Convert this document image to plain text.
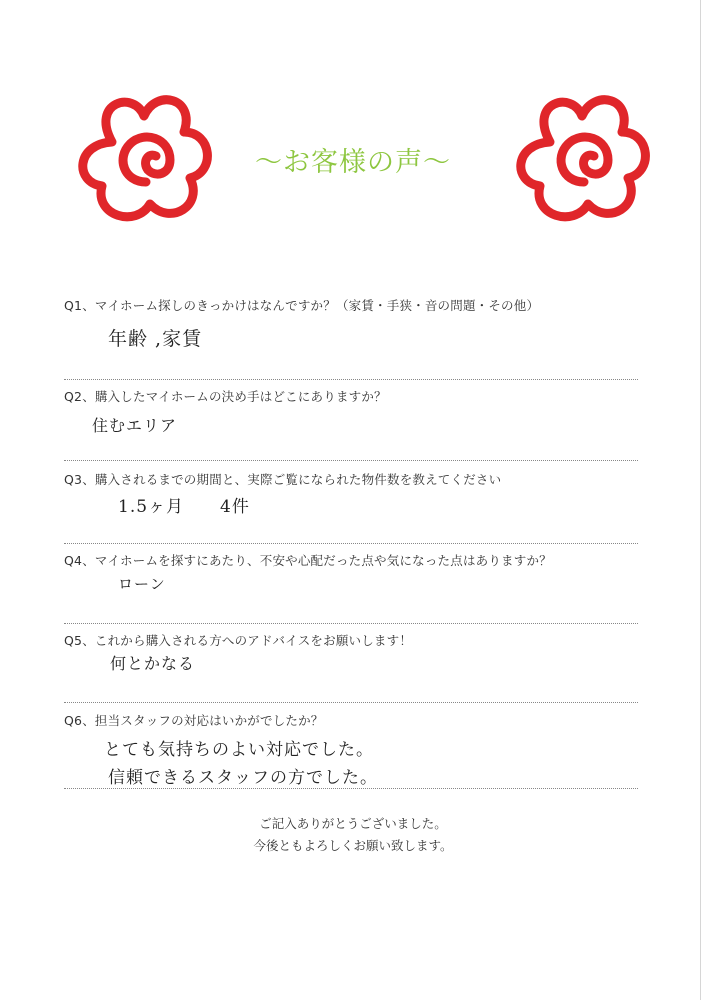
〜お客様の声〜
Q1、マイホーム探しのきっかけはなんですか？（家賃・手狭・音の問題・その他）
年齢 ,家賃
Q2、購入したマイホームの決め手はどこにありますか？
住むエリア
Q3、購入されるまでの期間と、実際ご覧になられた物件数を教えてください
1.5ヶ月　　4件
Q4、マイホームを探すにあたり、不安や心配だった点や気になった点はありますか？
ローン
Q5、これから購入される方へのアドバイスをお願いします！
何とかなる
Q6、担当スタッフの対応はいかがでしたか？
とても気持ちのよい対応でした。
信頼できるスタッフの方でした。
ご記入ありがとうございました。
今後ともよろしくお願い致します。
